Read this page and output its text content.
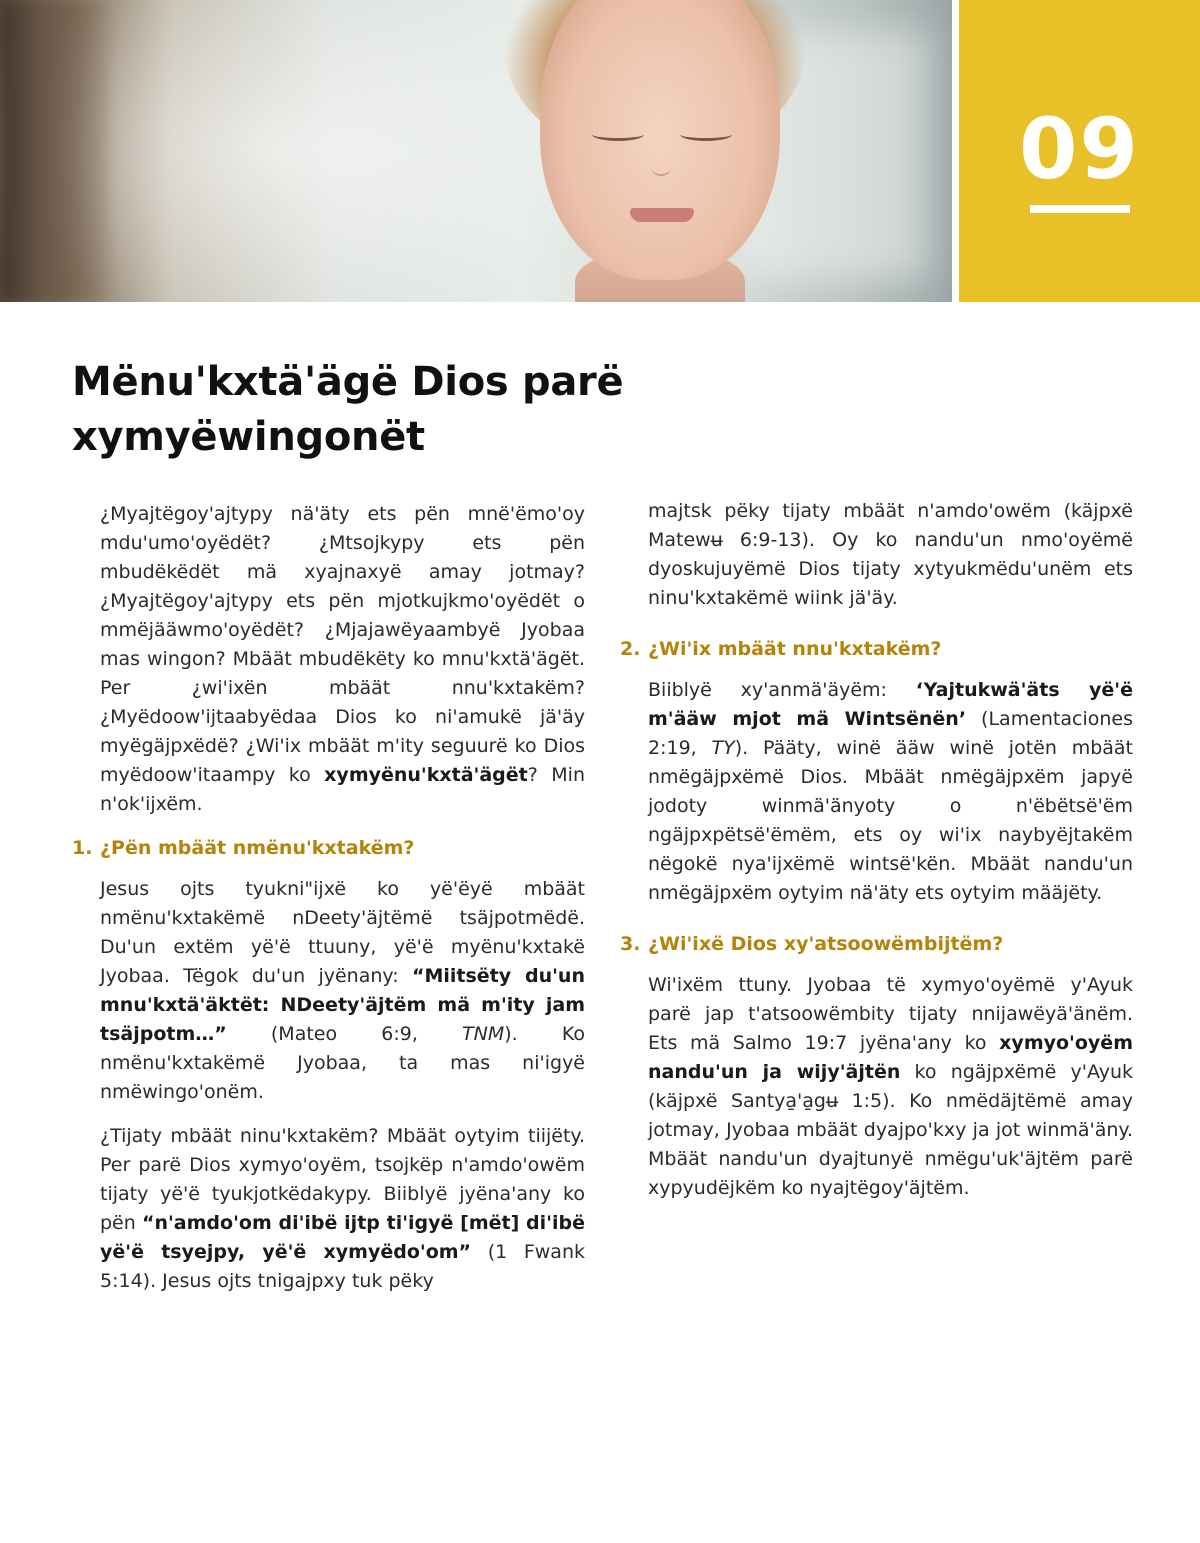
09
Mënu'kxtä'ägë Dios parë xymyëwingonët

¿Myajtëgoy'ajtypy nä'äty ets pën mnë'ëmo'oy mdu'umo'oyëdët? ¿Mtsojkypy ets pën mbudëkëdët mä xyajnaxyë amay jotmay? ¿Myajtëgoy'ajtypy ets pën mjotkujkmo'oyëdët o mmëjääwmo'oyëdët? ¿Mjajawëyaambyë Jyobaa mas wingon? Mbäät mbudëkëty ko mnu'kxtä'ägët. Per ¿wi'ixën mbäät nnu'kxtakëm? ¿Myëdoow'ijtaabyëdaa Dios ko ni'amukë jä'äy myëgäjpxëdë? ¿Wi'ix mbäät m'ity seguurë ko Dios myëdoow'itaampy ko xymyënu'kxtä'ägët? Min n'ok'ijxëm.

1. ¿Pën mbäät nmënu'kxtakëm?

Jesus ojts tyukni"ijxë ko yë'ëyë mbäät nmënu'kxtakëmë nDeety'äjtëmë tsäjpotmëdë. Du'un extëm yë'ë ttuuny, yë'ë myënu'kxtakë Jyobaa. Tëgok du'un jyënany: “Miitsëty du'un mnu'kxtä'äktët: NDeety'äjtëm mä m'ity jam tsäjpotm…” (Mateo 6:9, TNM). Ko nmënu'kxtakëmë Jyobaa, ta mas ni'igyë nmëwingo'onëm.

¿Tijaty mbäät ninu'kxtakëm? Mbäät oytyim tiijëty. Per parë Dios xymyo'oyëm, tsojkëp n'amdo'owëm tijaty yë'ë tyukjotkëdakypy. Biiblyë jyëna'any ko pën “n'amdo'om di'ibë ijtp ti'igyë [mët] di'ibë yë'ë tsyejpy, yë'ë xymyëdo'om” (1 Fwank 5:14). Jesus ojts tnigajpxy tuk pëky

majtsk pëky tijaty mbäät n'amdo'owëm (käjpxë Matewʉ 6:9-13). Oy ko nandu'un nmo'oyëmë dyoskujuyëmë Dios tijaty xytyukmëdu'unëm ets ninu'kxtakëmë wiink jä'äy.

2. ¿Wi'ix mbäät nnu'kxtakëm?

Biiblyë xy'anmä'äyëm: ‘Yajtukwä'äts yë'ë m'ääw mjot mä Wintsënën’ (Lamentaciones 2:19, TY). Pääty, winë ääw winë jotën mbäät nmëgäjpxëmë Dios. Mbäät nmëgäjpxëm japyë jodoty winmä'änyoty o n'ëbëtsë'ëm ngäjpxpëtsë'ëmëm, ets oy wi'ix naybyëjtakëm nëgokë nya'ijxëmë wintsë'kën. Mbäät nandu'un nmëgäjpxëm oytyim nä'äty ets oytyim määjëty.

3. ¿Wi'ixë Dios xy'atsoowëmbijtëm?

Wi'ixëm ttuny. Jyobaa të xymyo'oyëmë y'Ayuk parë jap t'atsoowëmbity tijaty nnijawëyä'änëm. Ets mä Salmo 19:7 jyëna'any ko xymyo'oyëm nandu'un ja wijy'äjtën ko ngäjpxëmë y'Ayuk (käjpxë Santya̱'a̱gʉ 1:5). Ko nmëdäjtëmë amay jotmay, Jyobaa mbäät dyajpo'kxy ja jot winmä'äny. Mbäät nandu'un dyajtunyë nmëgu'uk'äjtëm parë xypyudëjkëm ko nyajtëgoy'äjtëm.
